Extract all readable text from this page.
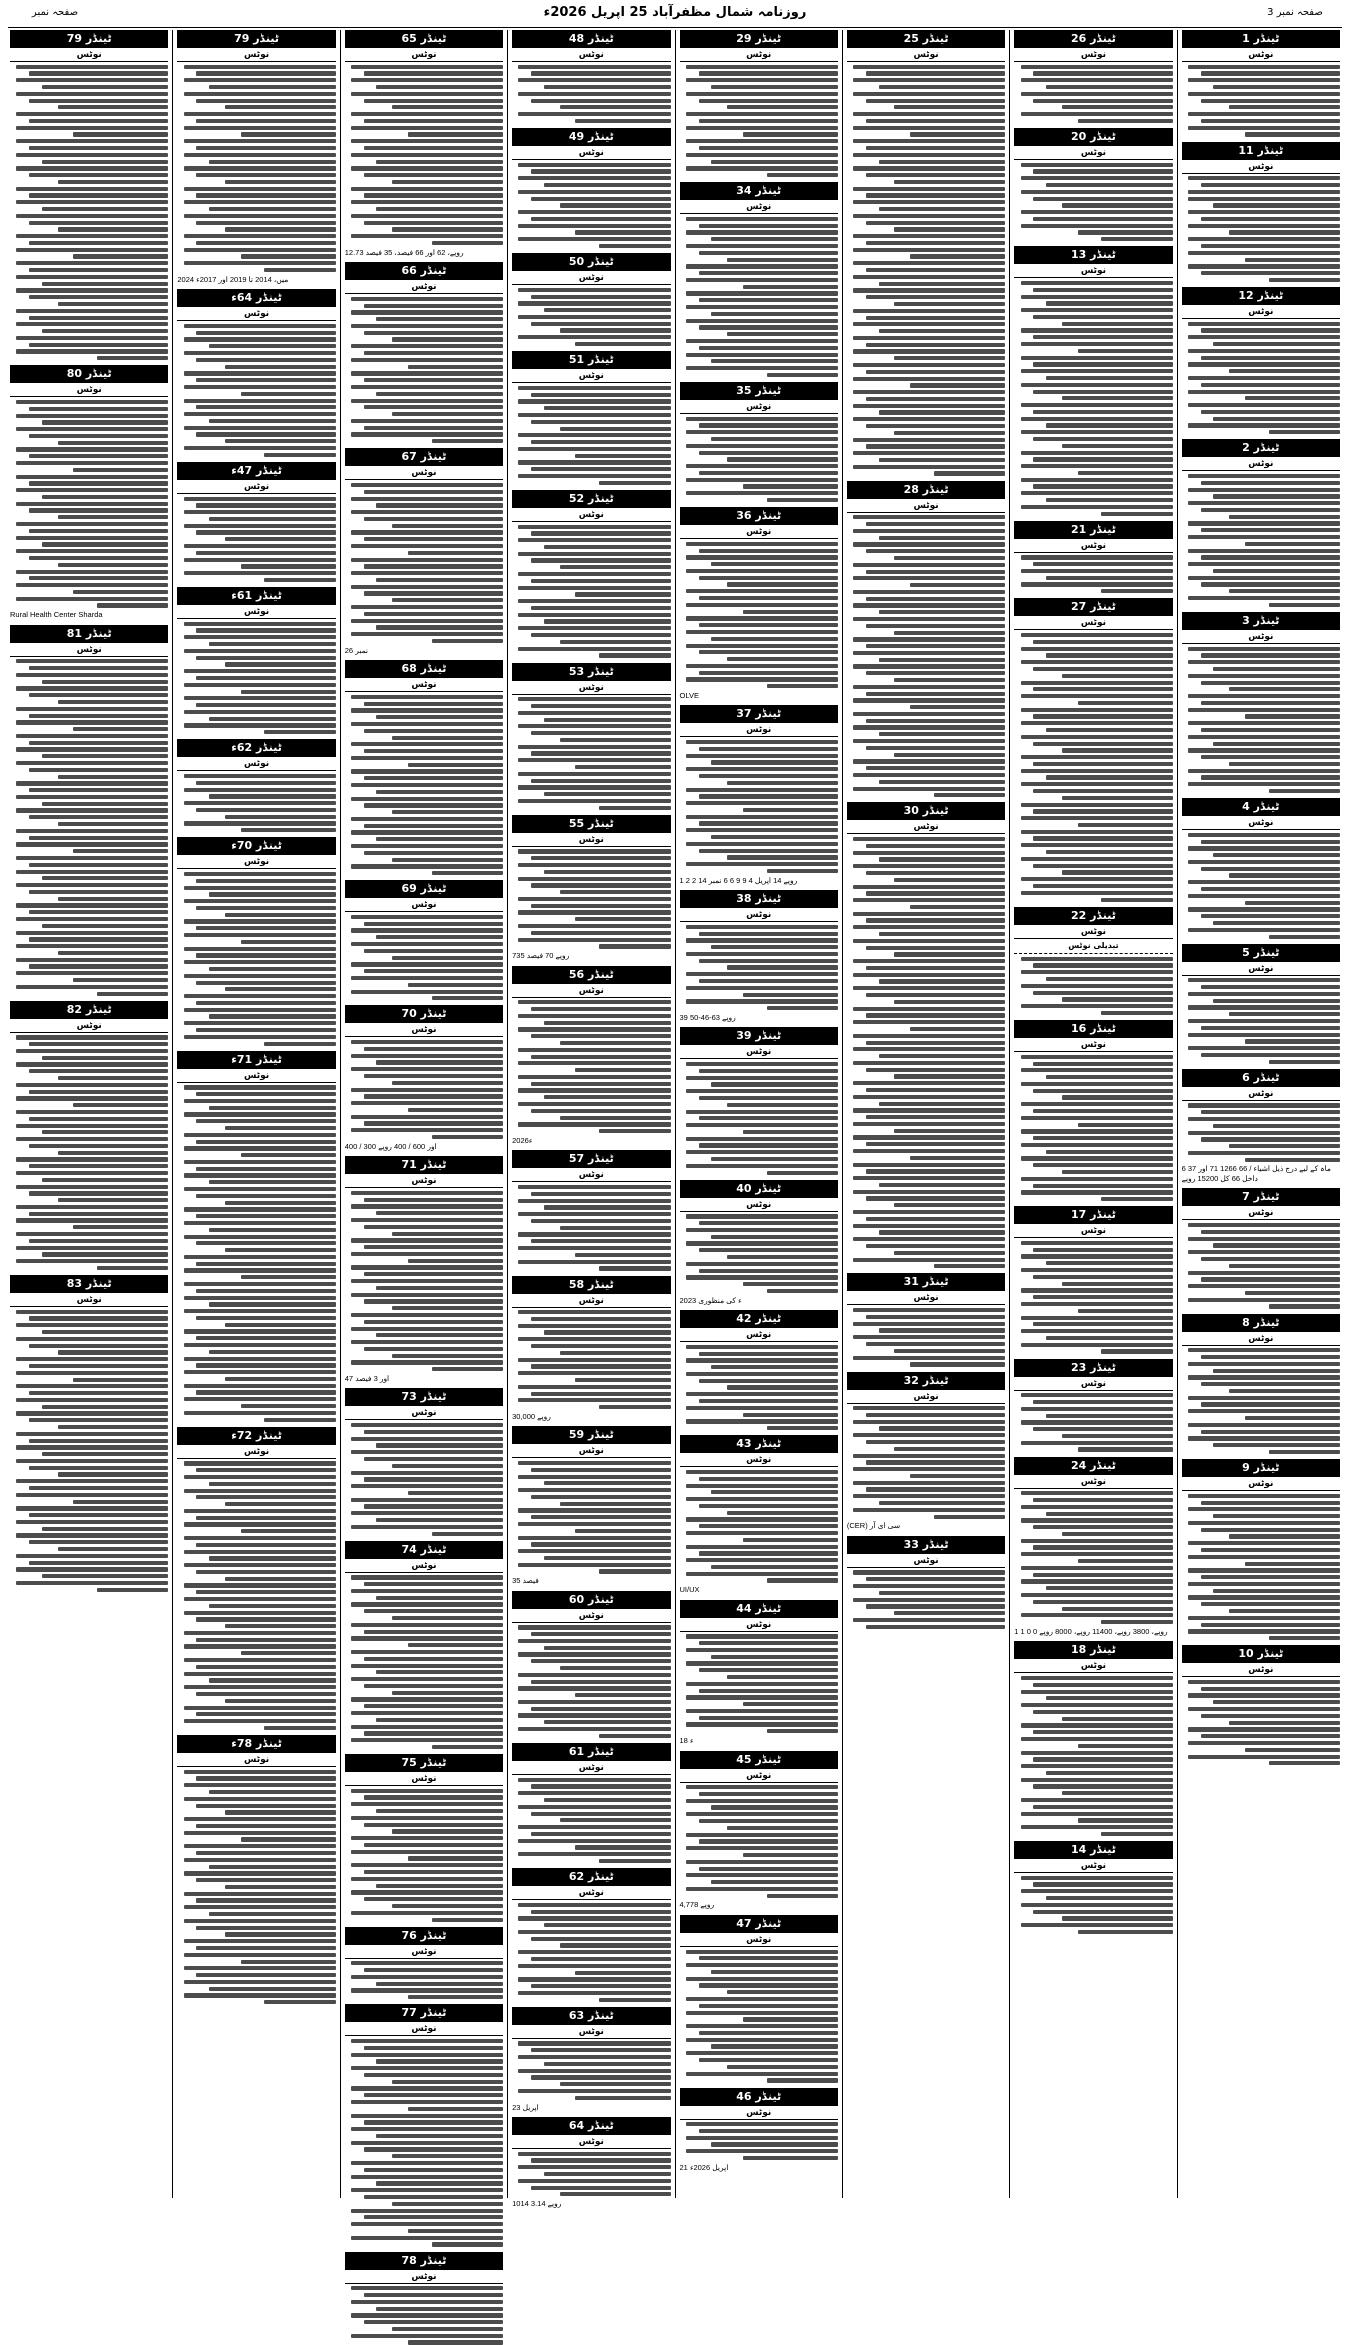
صفحہ نمبر 3
روزنامہ شمال مظفرآباد 25 اپریل 2026ء
صفحہ نمبر
ٹینڈر 1
نوٹس
ٹینڈر 11
نوٹس
ٹینڈر 12
نوٹس
ٹینڈر 2
نوٹس
ٹینڈر 3
نوٹس
ٹینڈر 4
نوٹس
ٹینڈر 5
نوٹس
ٹینڈر 6
نوٹس
6 ماہ کے لیے درج ذیل اشیاء / 66 1266 71 اور 37 داخل 66 کل 15200 روپے
ٹینڈر 7
نوٹس
ٹینڈر 8
نوٹس
ٹینڈر 9
نوٹس
ٹینڈر 10
نوٹس
ٹینڈر 26
نوٹس
ٹینڈر 20
نوٹس
ٹینڈر 13
نوٹس
ٹینڈر 21
نوٹس
ٹینڈر 27
نوٹس
ٹینڈر 22
نوٹس
تبدیلی نوٹس
ٹینڈر 16
نوٹس
ٹینڈر 17
نوٹس
ٹینڈر 23
نوٹس
ٹینڈر 24
نوٹس
1 1 0 0 روپے، 3800 روپے، 11400 روپے، 8000 روپے
ٹینڈر 18
نوٹس
ٹینڈر 14
نوٹس
ٹینڈر 25
نوٹس
ٹینڈر 28
نوٹس
ٹینڈر 30
نوٹس
ٹینڈر 31
نوٹس
ٹینڈر 32
نوٹس
(CER) سی ای آر
ٹینڈر 33
نوٹس
ٹینڈر 29
نوٹس
ٹینڈر 34
نوٹس
ٹینڈر 35
نوٹس
ٹینڈر 36
نوٹس
OLVE
ٹینڈر 37
نوٹس
1 2 2 روپے 14 اپریل 4 9 9 6 6 نمبر 14
ٹینڈر 38
نوٹس
39 روپے 63-46-50
ٹینڈر 39
نوٹس
ٹینڈر 40
نوٹس
2023 ء کی منظوری
ٹینڈر 42
نوٹس
ٹینڈر 43
نوٹس
UI/UX
ٹینڈر 44
نوٹس
18 ء
ٹینڈر 45
نوٹس
4,778 روپے
ٹینڈر 47
نوٹس
ٹینڈر 46
نوٹس
21 اپریل 2026ء
ٹینڈر 48
نوٹس
ٹینڈر 49
نوٹس
ٹینڈر 50
نوٹس
ٹینڈر 51
نوٹس
ٹینڈر 52
نوٹس
ٹینڈر 53
نوٹس
ٹینڈر 55
نوٹس
735 روپے 70 فیصد
ٹینڈر 56
نوٹس
2026ء
ٹینڈر 57
نوٹس
ٹینڈر 58
نوٹس
30,000 روپے
ٹینڈر 59
نوٹس
35 فیصد
ٹینڈر 60
نوٹس
ٹینڈر 61
نوٹس
ٹینڈر 62
نوٹس
ٹینڈر 63
نوٹس
23 اپریل
ٹینڈر 64
نوٹس
1014 روپے 3.14
ٹینڈر 65
نوٹس
12.73 روپے، 62 اور 66 فیصد، 35 فیصد
ٹینڈر 66
نوٹس
ٹینڈر 67
نوٹس
26 نمبر
ٹینڈر 68
نوٹس
ٹینڈر 69
نوٹس
ٹینڈر 70
نوٹس
400 / 300 اور 600 / 400 روپے
ٹینڈر 71
نوٹس
47 اور 3 فیصد
ٹینڈر 73
نوٹس
ٹینڈر 74
نوٹس
ٹینڈر 75
نوٹس
ٹینڈر 76
نوٹس
ٹینڈر 77
نوٹس
ٹینڈر 78
نوٹس
ٹینڈر 79
نوٹس
2024 میں، 2014 تا 2019 اور 2017ء
ٹینڈر 64ء
نوٹس
ٹینڈر 47ء
نوٹس
ٹینڈر 61ء
نوٹس
ٹینڈر 62ء
نوٹس
ٹینڈر 70ء
نوٹس
ٹینڈر 71ء
نوٹس
ٹینڈر 72ء
نوٹس
ٹینڈر 78ء
نوٹس
ٹینڈر 79
نوٹس
ٹینڈر 80
نوٹس
Rural Health Center Sharda
ٹینڈر 81
نوٹس
ٹینڈر 82
نوٹس
ٹینڈر 83
نوٹس
